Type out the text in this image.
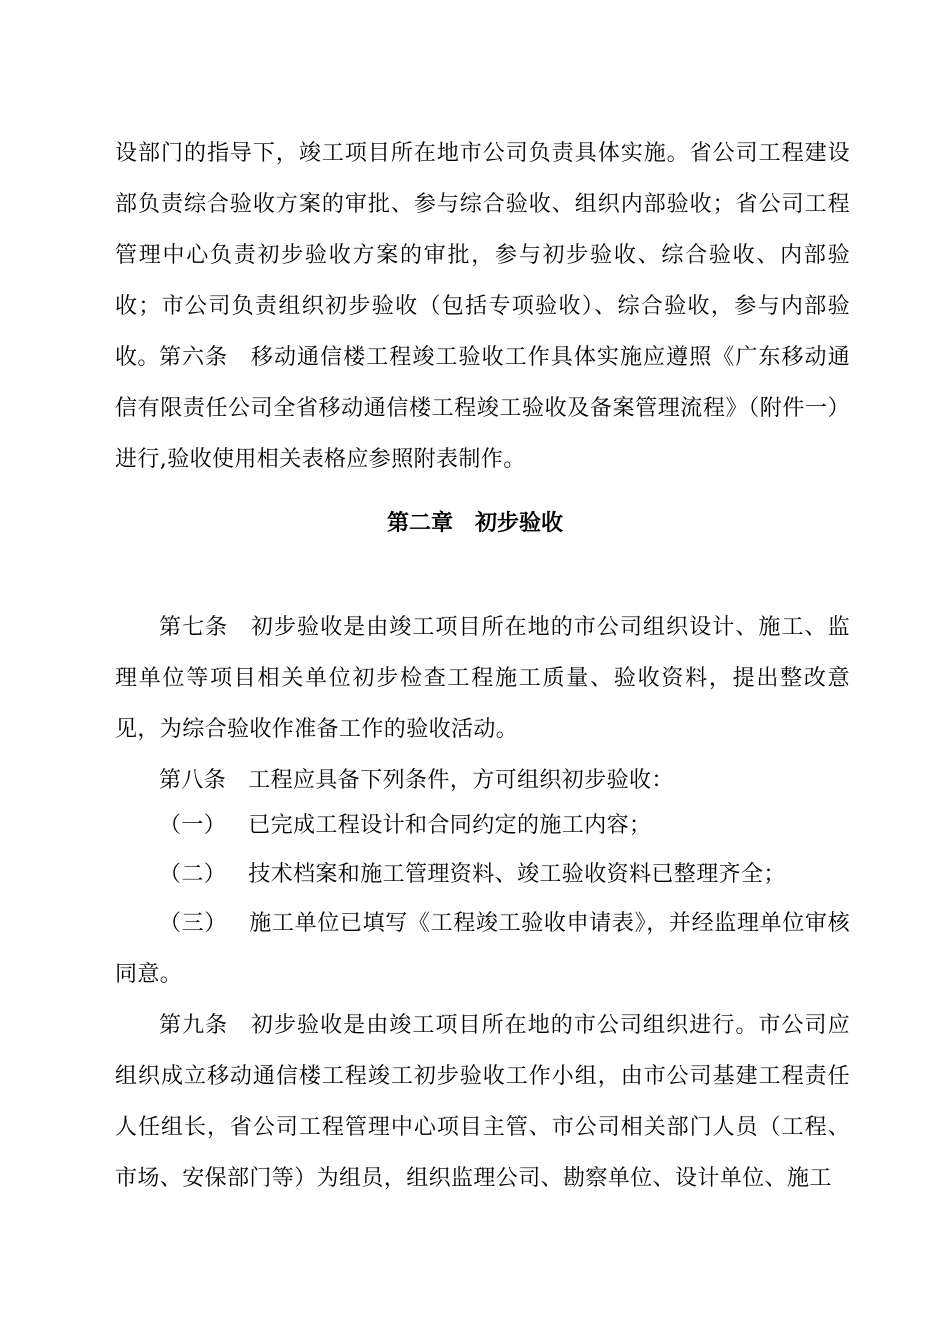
设部门的指导下，竣工项目所在地市公司负责具体实施。省公司工程建设部负责综合验收方案的审批、参与综合验收、组织内部验收；省公司工程管理中心负责初步验收方案的审批，参与初步验收、综合验收、内部验收；市公司负责组织初步验收（包括专项验收）、综合验收，参与内部验收。 第六条 移动通信楼工程竣工验收工作具体实施应遵照《广东移动通信有限责任公司全省移动通信楼工程竣工验收及备案管理流程》（附件一）进行,验收使用相关表格应参照附表制作。

第二章 初步验收

第七条 初步验收是由竣工项目所在地的市公司组织设计、施工、监理单位等项目相关单位初步检查工程施工质量、验收资料，提出整改意见，为综合验收作准备工作的验收活动。

第八条 工程应具备下列条件，方可组织初步验收：

（一） 已完成工程设计和合同约定的施工内容；

（二） 技术档案和施工管理资料、竣工验收资料已整理齐全；

（三） 施工单位已填写《工程竣工验收申请表》，并经监理单位审核同意。

第九条 初步验收是由竣工项目所在地的市公司组织进行。市公司应组织成立移动通信楼工程竣工初步验收工作小组，由市公司基建工程责任人任组长，省公司工程管理中心项目主管、市公司相关部门人员（工程、市场、安保部门等）为组员，组织监理公司、勘察单位、设计单位、施工
